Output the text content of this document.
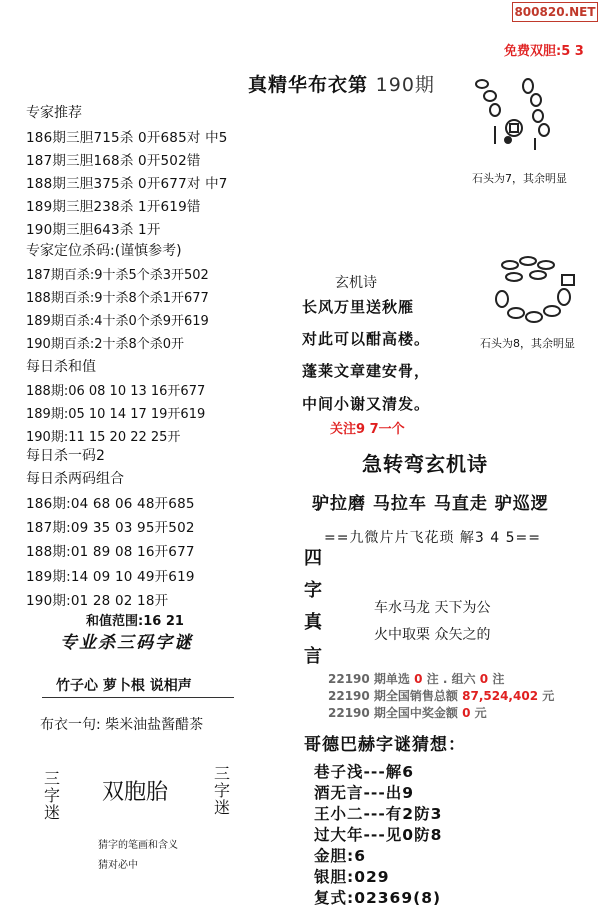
800820.NET
免费双胆:5 3
真精华布衣第 190期
专家推荐
186期三胆715杀 0开685对 中5
187期三胆168杀 0开502错
188期三胆375杀 0开677对 中7
189期三胆238杀 1开619错
190期三胆643杀 1开
专家定位杀码:(谨慎参考)
187期百杀:9十杀5个杀3开502
188期百杀:9十杀8个杀1开677
189期百杀:4十杀0个杀9开619
190期百杀:2十杀8个杀0开
每日杀和值
188期:06 08 10 13 16开677
189期:05 10 14 17 19开619
190期:11 15 20 22 25开
每日杀一码2
每日杀两码组合
186期:04 68 06 48开685
187期:09 35 03 95开502
188期:01 89 08 16开677
189期:14 09 10 49开619
190期:01 28 02 18开
和值范围:16 21
专业杀三码字谜
竹子心 萝卜根 说相声
布衣一句: 柴米油盐酱醋茶
三字迷
双胞胎
三字迷
猜字的笔画和含义
猜对必中
石头为7，其余明显
石头为8，其余明显
玄机诗
长风万里送秋雁
对此可以酣高楼。
蓬莱文章建安骨，
中间小谢又清发。
关注9 7一个
急转弯玄机诗
驴拉磨 马拉车 马直走 驴巡逻
==九微片片飞花琐 解3 4 5==
四
字
真
言
车水马龙 天下为公
火中取栗 众矢之的
22190 期单选 0 注 . 组六 0 注
22190 期全国销售总额 87,524,402 元
22190 期全国中奖金额 0 元
哥德巴赫字谜猜想：
巷子浅---解6
酒无言---出9
王小二---有2防3
过大年---见0防8
金胆:6
银胆:029
复式:02369(8)
